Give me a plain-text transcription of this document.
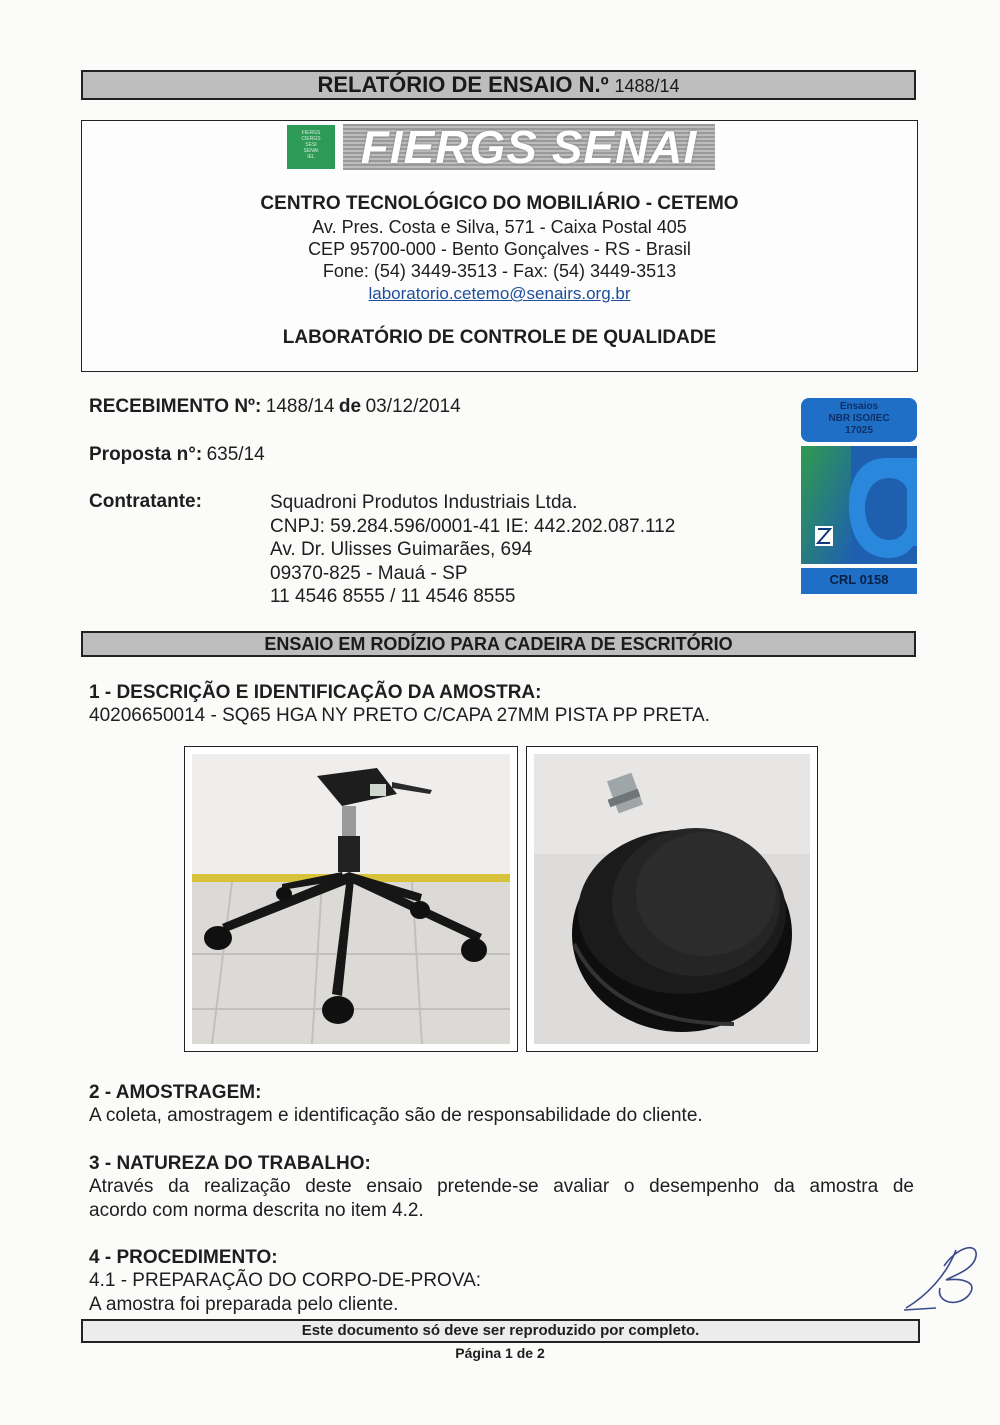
RELATÓRIO DE ENSAIO N.º 1488/14
FIERGS
CIERGS
SESI
SENAI
IEL FIERGS SENAI
CENTRO TECNOLÓGICO DO MOBILIÁRIO - CETEMO
Av. Pres. Costa e Silva, 571 - Caixa Postal 405
CEP 95700-000 - Bento Gonçalves - RS - Brasil
Fone: (54) 3449-3513 - Fax: (54) 3449-3513
laboratorio.cetemo@senairs.org.br
LABORATÓRIO DE CONTROLE DE QUALIDADE
RECEBIMENTO Nº: 1488/14 de 03/12/2014
Proposta n°: 635/14
Contratante:	Squadroni Produtos Industriais Ltda.
CNPJ: 59.284.596/0001-41 IE: 442.202.087.112
Av. Dr. Ulisses Guimarães, 694
09370-825 - Mauá - SP
11 4546 8555 / 11 4546 8555
Ensaios
NBR ISO/IEC
17025
CRL 0158
ENSAIO EM RODÍZIO PARA CADEIRA DE ESCRITÓRIO
1 - DESCRIÇÃO E IDENTIFICAÇÃO DA AMOSTRA:
40206650014 - SQ65 HGA NY PRETO C/CAPA 27MM PISTA PP PRETA.
2 - AMOSTRAGEM:
A coleta, amostragem e identificação são de responsabilidade do cliente.
3 - NATUREZA DO TRABALHO:
Através da realização deste ensaio pretende-se avaliar o desempenho da amostra de
acordo com norma descrita no item 4.2.
4 - PROCEDIMENTO:
4.1 - PREPARAÇÃO DO CORPO-DE-PROVA:
A amostra foi preparada pelo cliente.
Este documento só deve ser reproduzido por completo.
Página 1 de 2
